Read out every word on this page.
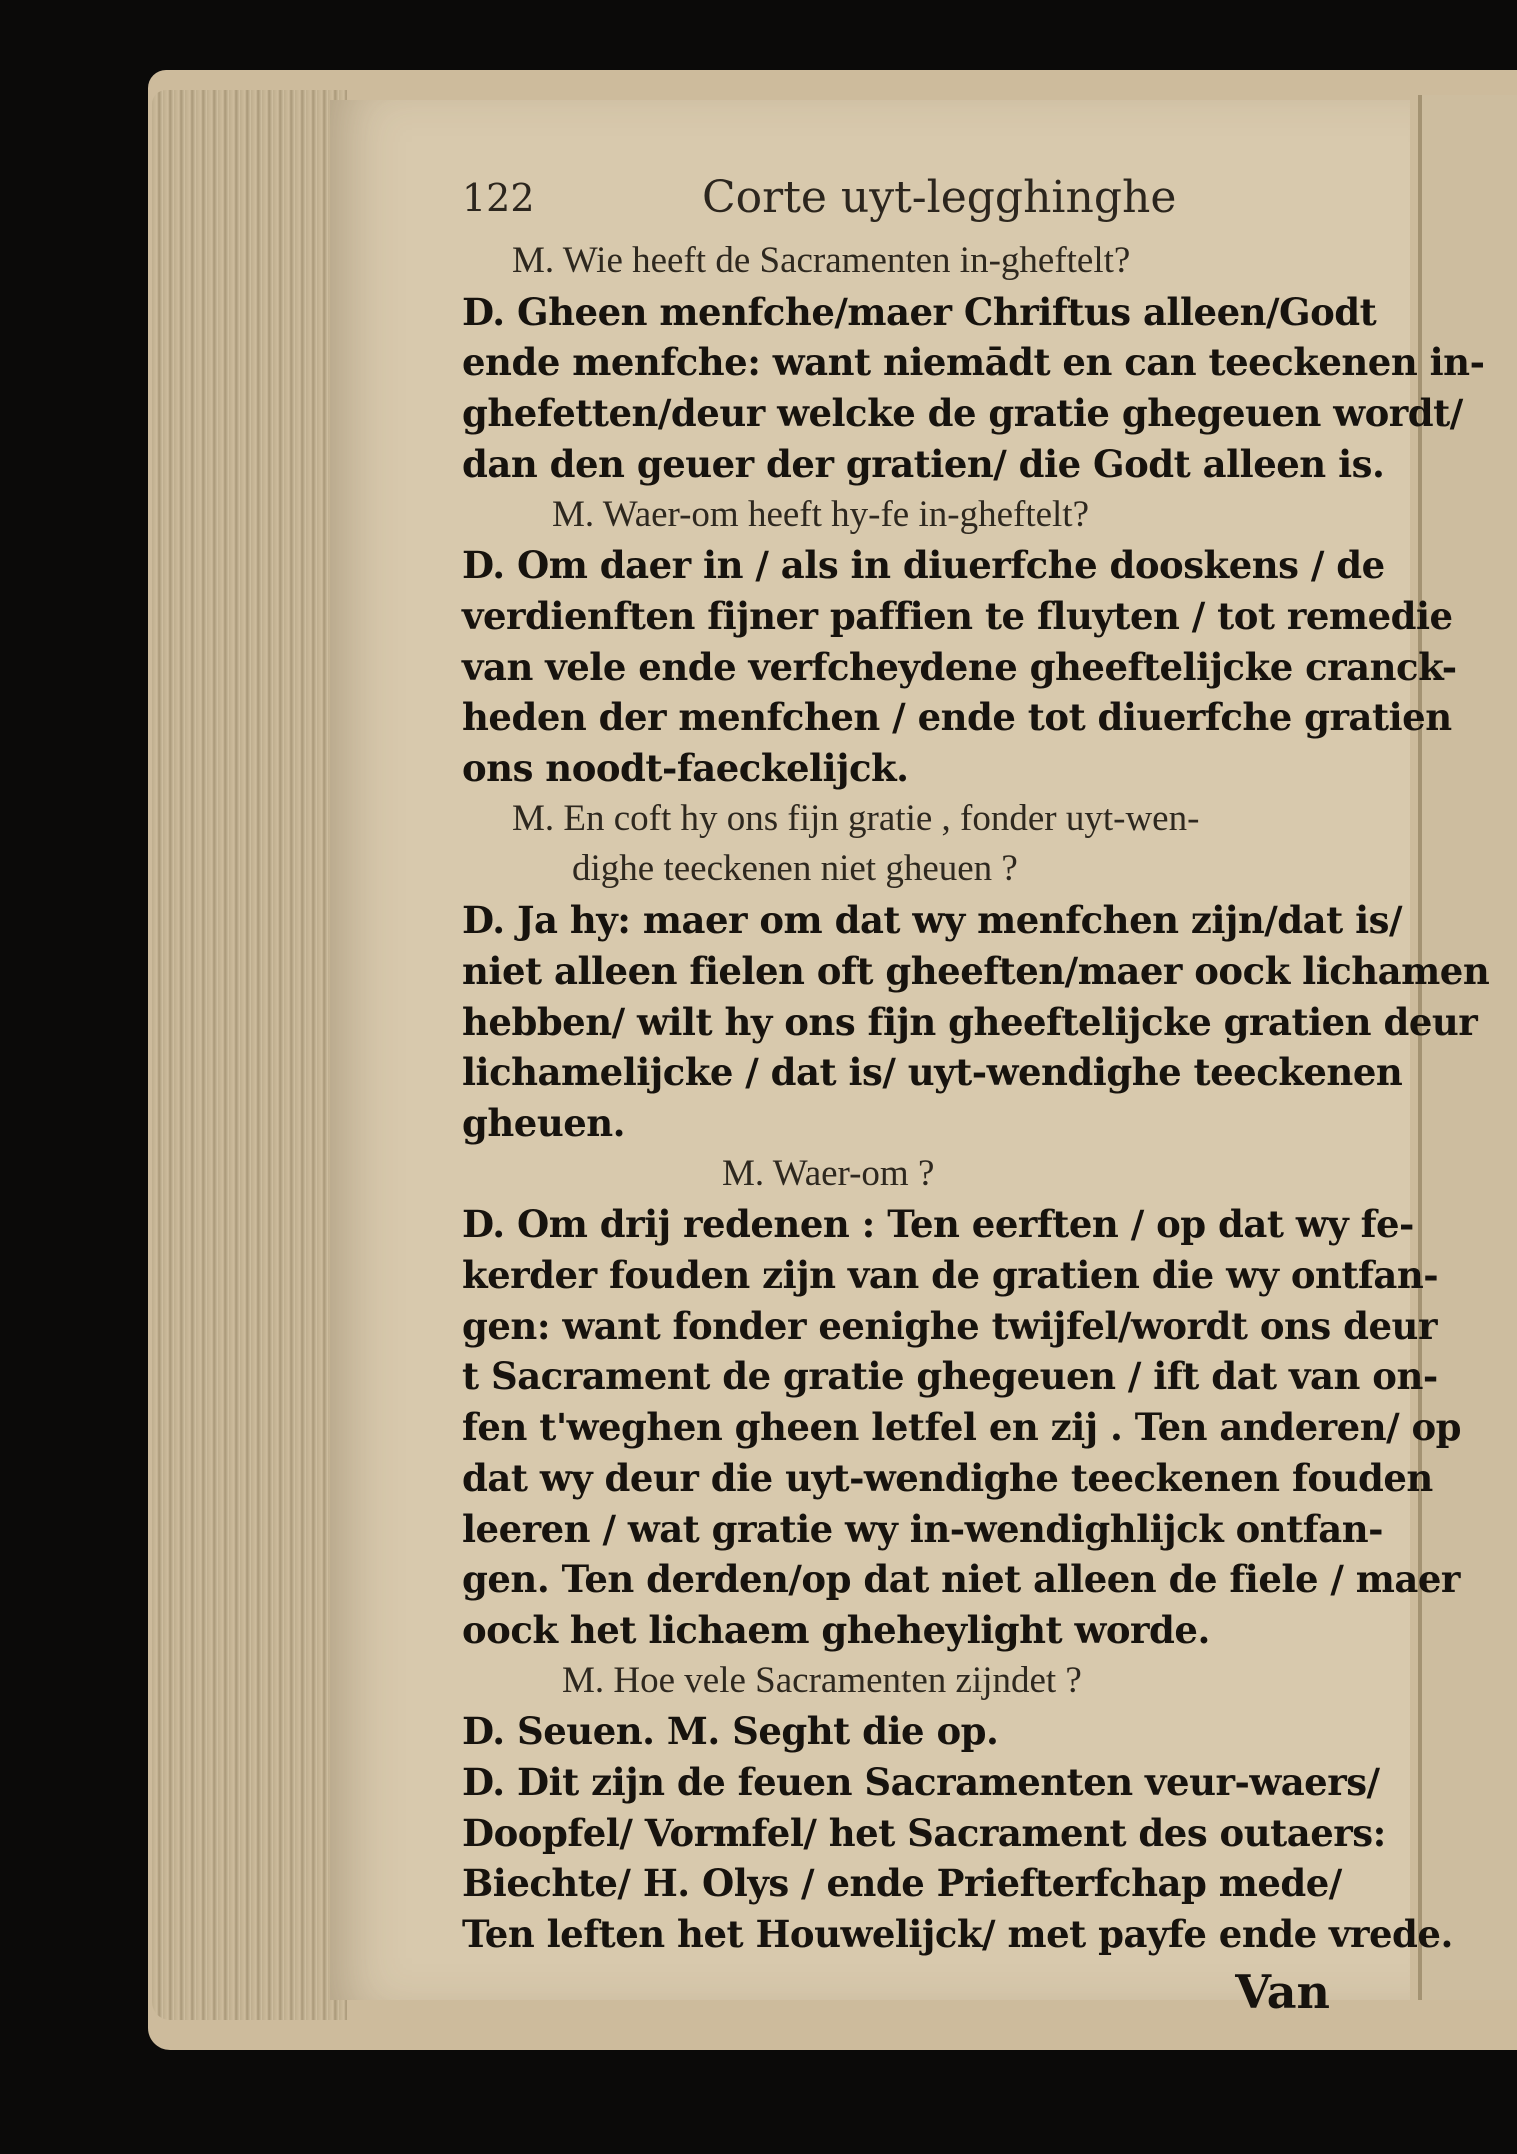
122	Corte uyt-legghinghe
M. Wie heeft de Sacramenten in-gheftelt?
D. Gheen menfche/maer Chriftus alleen/Godt
ende menfche: want niemādt en can teeckenen in-
ghefetten/deur welcke de gratie ghegeuen wordt/
dan den geuer der gratien/ die Godt alleen is.
M. Waer-om heeft hy-fe in-gheftelt?
D. Om daer in / als in diuerfche dooskens / de
verdienften fijner paffien te fluyten / tot remedie
van vele ende verfcheydene gheeftelijcke cranck-
heden der menfchen / ende tot diuerfche gratien
ons noodt-faeckelijck.
M. En coft hy ons fijn gratie , fonder uyt-wen-
dighe teeckenen niet gheuen ?
D. Ja hy: maer om dat wy menfchen zijn/dat is/
niet alleen fielen oft gheeften/maer oock lichamen
hebben/ wilt hy ons fijn gheeftelijcke gratien deur
lichamelijcke / dat is/ uyt-wendighe teeckenen
gheuen.
M. Waer-om ?
D. Om drij redenen : Ten eerften / op dat wy fe-
kerder fouden zijn van de gratien die wy ontfan-
gen: want fonder eenighe twijfel/wordt ons deur
t Sacrament de gratie ghegeuen / ift dat van on-
fen t'weghen gheen letfel en zij . Ten anderen/ op
dat wy deur die uyt-wendighe teeckenen fouden
leeren / wat gratie wy in-wendighlijck ontfan-
gen. Ten derden/op dat niet alleen de fiele / maer
oock het lichaem gheheylight worde.
M. Hoe vele Sacramenten zijndet ?
D. Seuen. M. Seght die op.
D. Dit zijn de feuen Sacramenten veur-waers/
Doopfel/ Vormfel/ het Sacrament des outaers:
Biechte/ H. Olys / ende Priefterfchap mede/
Ten leften het Houwelijck/ met payfe ende vrede.
Van
